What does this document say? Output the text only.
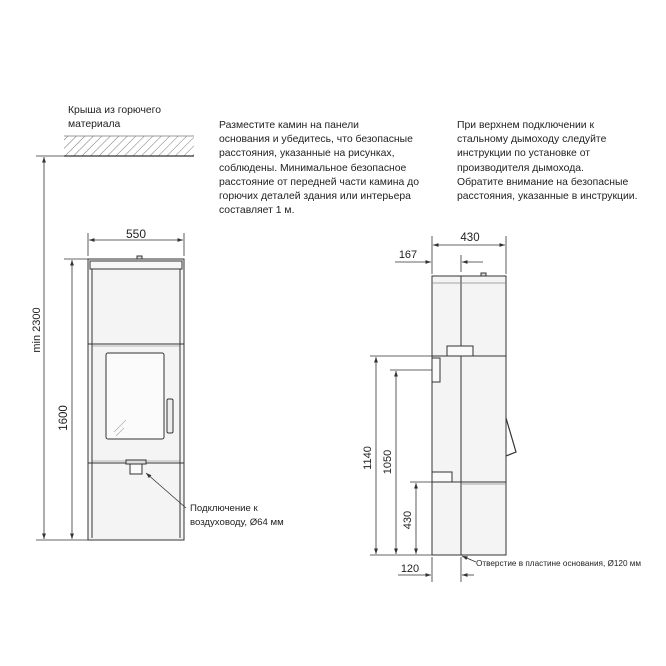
Крыша из горючего
материала	Разместите камин на панели
основания и убедитесь, что безопасные
расстояния, указанные на рисунках,
соблюдены. Минимальное безопасное
расстояние от передней части камина до
горючих деталей здания или интерьера
составляет 1 м.
При верхнем подключении к
стальному дымоходу следуйте
инструкции по установке от
производителя дымохода.
Обратите внимание на безопасные
расстояния, указанные в инструкции.
Подключение к
воздуховоду, Ø64 мм
550
min 2300
1600
430
167
1140 1050
430
120	Отверстие в пластине основания, Ø120 мм
